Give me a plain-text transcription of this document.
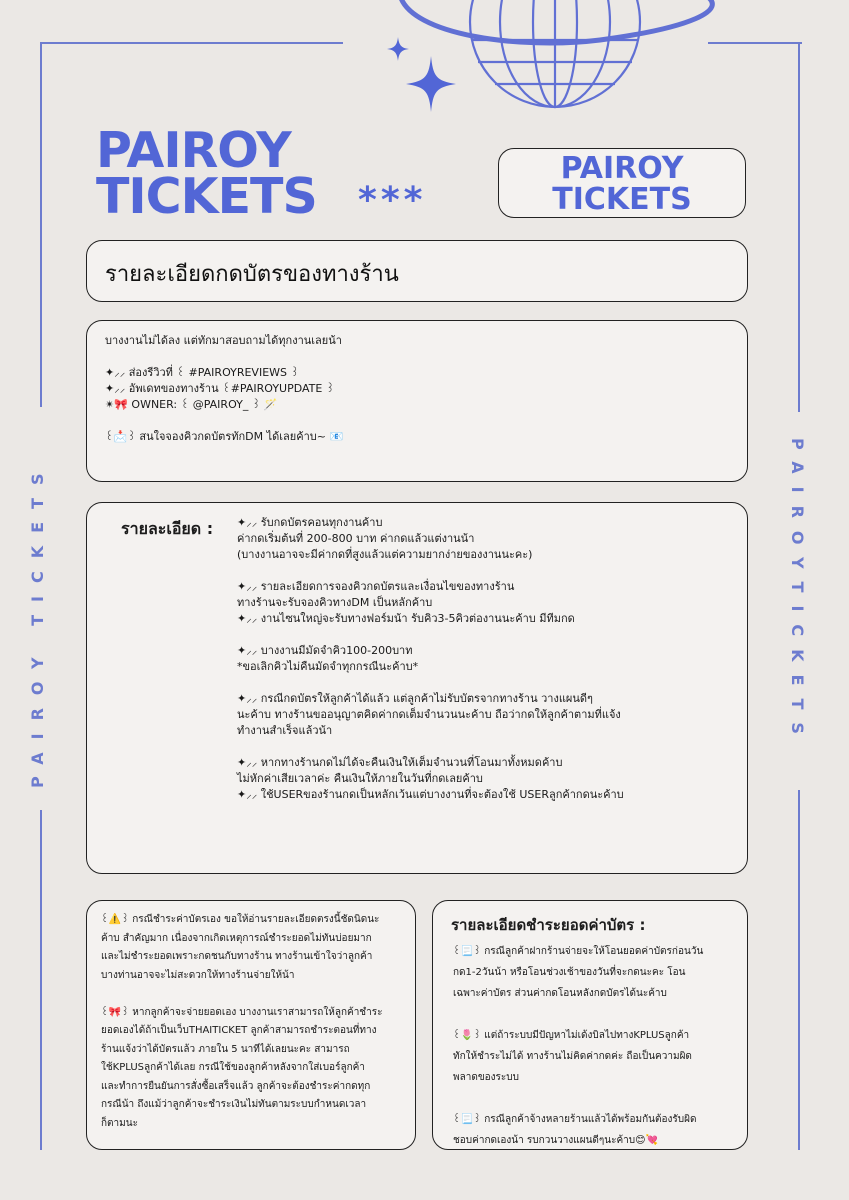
PAIROY
TICKETS	***
PAIROY
TICKETS
PAIROY TICKETS	PAIROYTICKETS
รายละเอียดกดบัตรของทางร้าน
บางงานไม่ได้ลง แต่ทักมาสอบถามได้ทุกงานเลยน้า

✦⸝⸝ ส่องรีวิวที่ ꒰ #PAIROYREVIEWS ꒱
✦⸝⸝ อัพเดทของทางร้าน ꒰#PAIROYUPDATE ꒱
✴🎀 OWNER: ꒰ @PAIROY_ ꒱ 🪄

꒰📩꒱ สนใจจองคิวกดบัตรทักDM ได้เลยค้าบ~ 📧
รายละเอียด : ✦⸝⸝ รับกดบัตรคอนทุกงานค้าบ
ค่ากดเริ่มต้นที่ 200-800 บาท ค่ากดแล้วแต่งานน้า
(บางงานอาจจะมีค่ากดที่สูงแล้วแต่ความยากง่ายของงานนะคะ)

✦⸝⸝ รายละเอียดการจองคิวกดบัตรและเงื่อนไขของทางร้าน
ทางร้านจะรับจองคิวทางDM เป็นหลักค้าบ
✦⸝⸝ งานไซนใหญ่จะรับทางฟอร์มน้า รับคิว3-5คิวต่องานนะค้าบ มีทีมกด

✦⸝⸝ บางงานมีมัดจำคิว100-200บาท
*ขอเลิกคิวไม่คืนมัดจำทุกกรณีนะค้าบ*

✦⸝⸝ กรณีกดบัตรให้ลูกค้าได้แล้ว แต่ลูกค้าไม่รับบัตรจากทางร้าน วางแผนดีๆ
นะค้าบ ทางร้านขออนุญาตคิดค่ากดเต็มจำนวนนะค้าบ ถือว่ากดให้ลูกค้าตามที่แจ้ง
ทำงานสำเร็จแล้วน้า

✦⸝⸝ หากทางร้านกดไม่ได้จะคืนเงินให้เต็มจำนวนที่โอนมาทั้งหมดค้าบ
ไม่หักค่าเสียเวลาค่ะ คืนเงินให้ภายในวันที่กดเลยค้าบ
✦⸝⸝ ใช้USERของร้านกดเป็นหลักเว้นแต่บางงานที่จะต้องใช้ USERลูกค้ากดนะค้าบ
꒰⚠️꒱ กรณีชำระค่าบัตรเอง ขอให้อ่านรายละเอียดตรงนี้ชัดนิดนะ
ค้าบ สำคัญมาก เนื่องจากเกิดเหตุการณ์ชำระยอดไม่ทันบ่อยมาก
และไม่ชำระยอดเพราะกดชนกับทางร้าน ทางร้านเข้าใจว่าลูกค้า
บางท่านอาจจะไม่สะดวกให้ทางร้านจ่ายให้น้า

꒰🎀꒱ หากลูกค้าจะจ่ายยอดเอง บางงานเราสามารถให้ลูกค้าชำระ
ยอดเองได้ถ้าเป็นเว็บTHAITICKET ลูกค้าสามารถชำระตอนที่ทาง
ร้านแจ้งว่าได้บัตรแล้ว ภายใน 5 นาทีได้เลยนะคะ สามารถ
ใช้KPLUSลูกค้าได้เลย กรณีใช้ของลูกค้าหลังจากใส่เบอร์ลูกค้า
และทำการยืนยันการสั่งซื้อเสร็จแล้ว ลูกค้าจะต้องชำระค่ากดทุก
กรณีน้า ถึงแม้ว่าลูกค้าจะชำระเงินไม่ทันตามระบบกำหนดเวลา
ก็ตามนะ
รายละเอียดชำระยอดค่าบัตร :
꒰📃꒱ กรณีลูกค้าฝากร้านจ่ายจะให้โอนยอดค่าบัตรก่อนวัน
กด1-2วันน้า หรือโอนช่วงเช้าของวันที่จะกดนะคะ โอน
เฉพาะค่าบัตร ส่วนค่ากดโอนหลังกดบัตรได้นะค้าบ

꒰🌷꒱ แต่ถ้าระบบมีปัญหาไม่เด้งบิลไปทางKPLUSลูกค้า
ทักให้ชำระไม่ได้ ทางร้านไม่คิดค่ากดค่ะ ถือเป็นความผิด
พลาดของระบบ

꒰📃꒱ กรณีลูกค้าจ้างหลายร้านแล้วได้พร้อมกันต้องรับผิด
ชอบค่ากดเองน้า รบกวนวางแผนดีๆนะค้าบ😊💘
